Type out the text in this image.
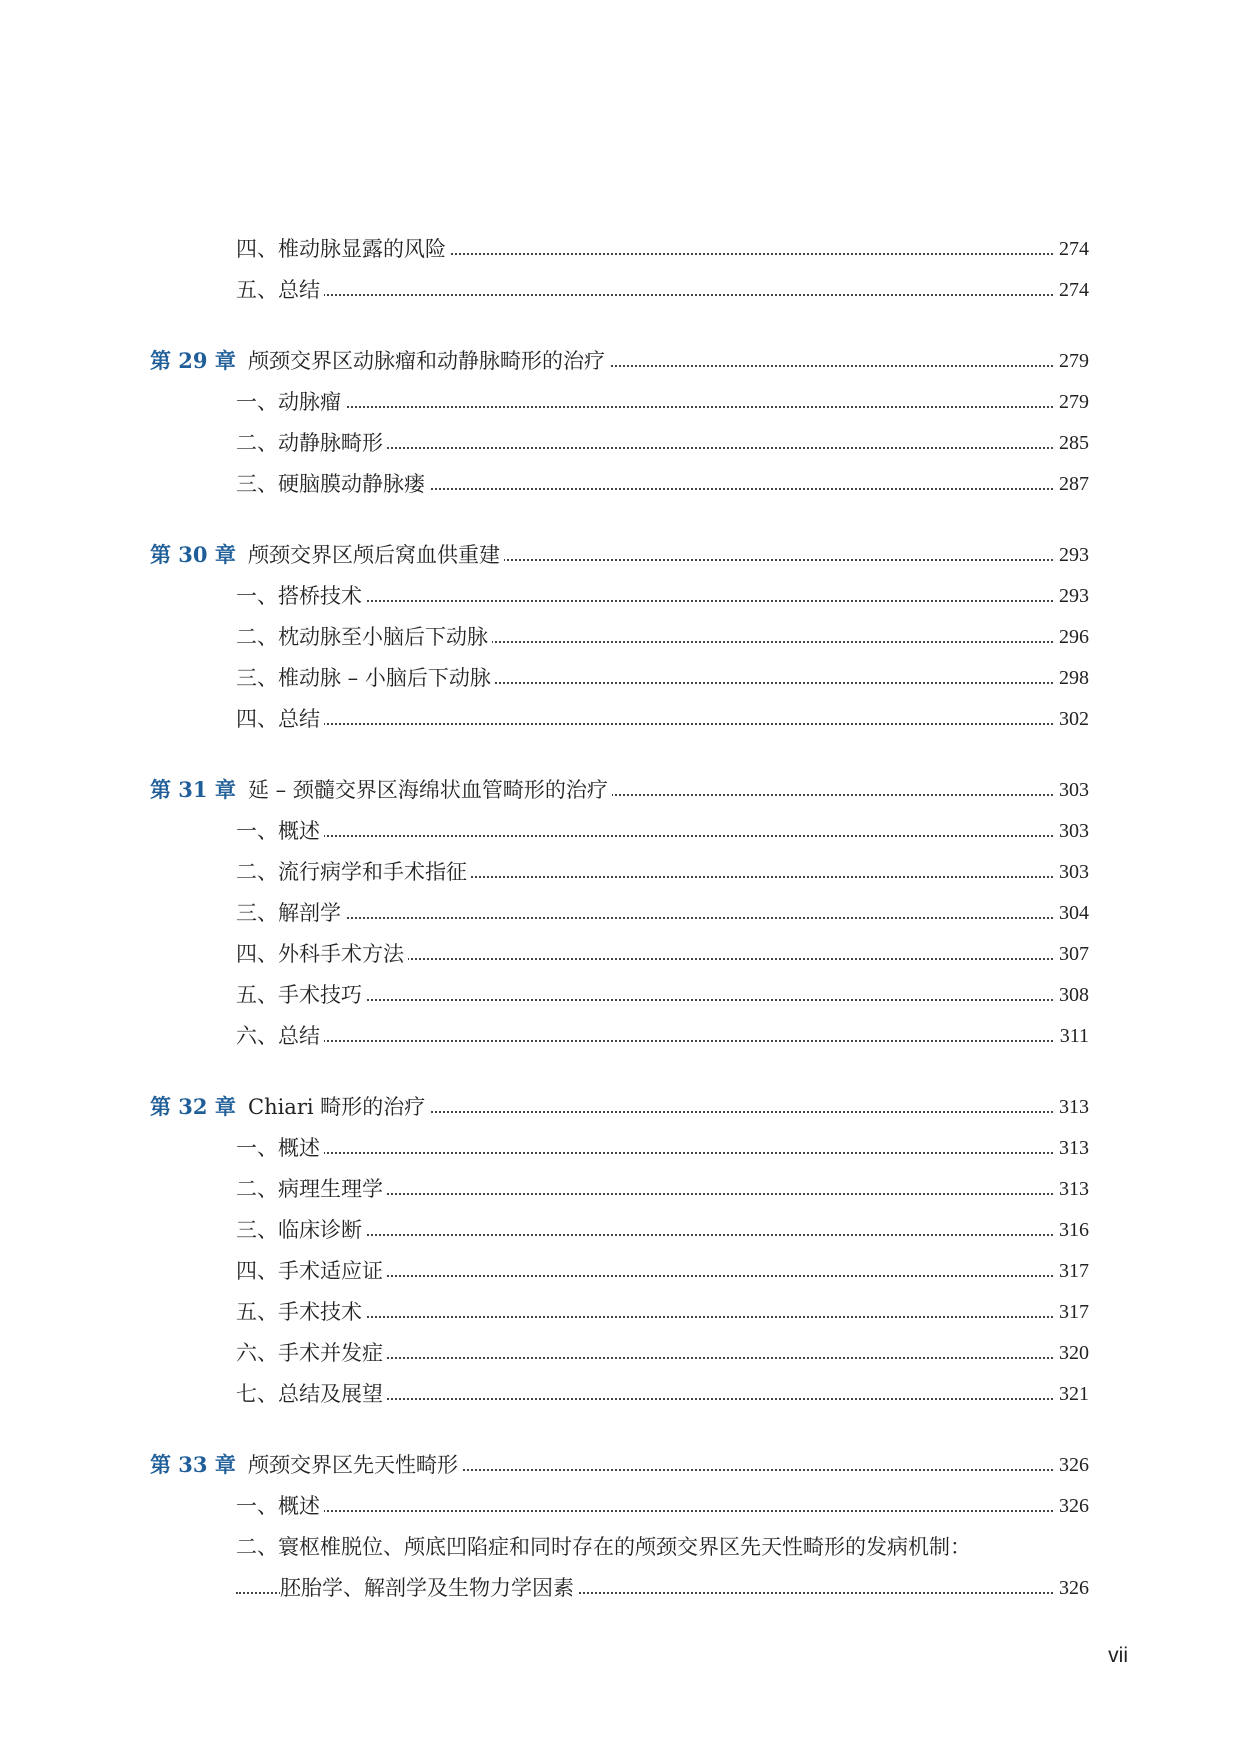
四、椎动脉显露的风险	274
五、总结	274
第 29 章 颅颈交界区动脉瘤和动静脉畸形的治疗	279
一、动脉瘤	279
二、动静脉畸形	285
三、硬脑膜动静脉瘘	287
第 30 章 颅颈交界区颅后窝血供重建	293
一、搭桥技术	293
二、枕动脉至小脑后下动脉	296
三、椎动脉 – 小脑后下动脉	298
四、总结	302
第 31 章 延 – 颈髓交界区海绵状血管畸形的治疗	303
一、概述	303
二、流行病学和手术指征	303
三、解剖学	304
四、外科手术方法	307
五、手术技巧	308
六、总结	311
第 32 章 Chiari 畸形的治疗	313
一、概述	313
二、病理生理学	313
三、临床诊断	316
四、手术适应证	317
五、手术技术	317
六、手术并发症	320
七、总结及展望	321
第 33 章 颅颈交界区先天性畸形	326
一、概述	326
二、寰枢椎脱位、颅底凹陷症和同时存在的颅颈交界区先天性畸形的发病机制：
胚胎学、解剖学及生物力学因素	326
vii
